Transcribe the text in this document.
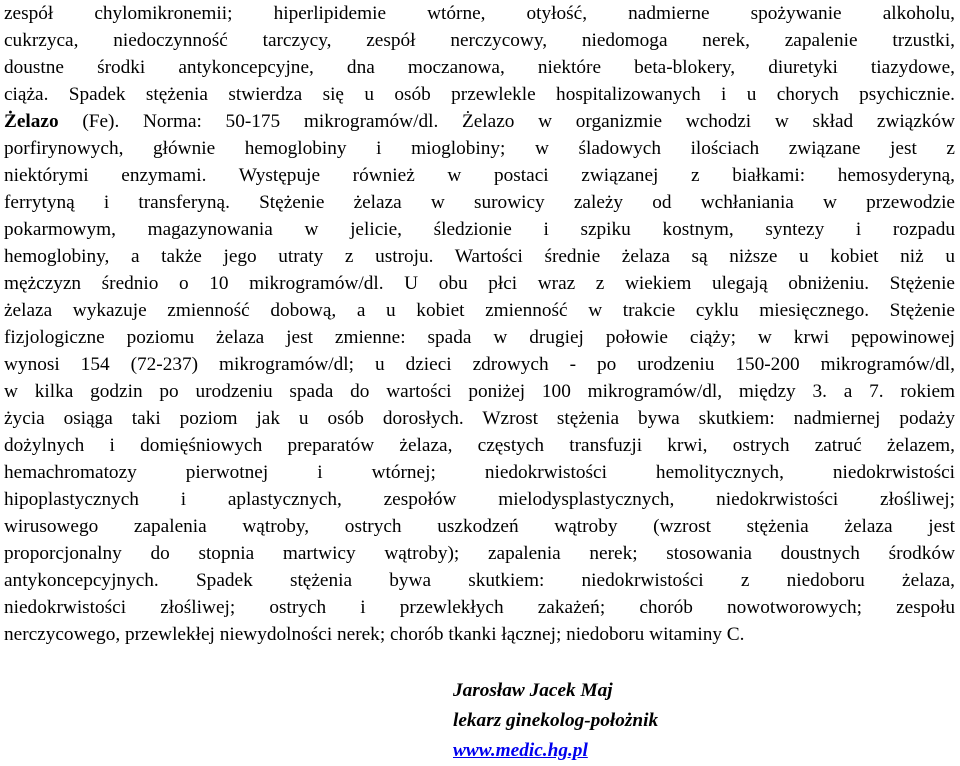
zespół chylomikronemii; hiperlipidemie wtórne, otyłość, nadmierne spożywanie alkoholu,
cukrzyca, niedoczynność tarczycy, zespół nerczycowy, niedomoga nerek, zapalenie trzustki,
doustne środki antykoncepcyjne, dna moczanowa, niektóre beta-blokery, diuretyki tiazydowe,
ciąża. Spadek stężenia stwierdza się u osób przewlekle hospitalizowanych i u chorych psychicznie.
Żelazo (Fe). Norma: 50-175 mikrogramów/dl. Żelazo w organizmie wchodzi w skład związków
porfirynowych, głównie hemoglobiny i mioglobiny; w śladowych ilościach związane jest z
niektórymi enzymami. Występuje również w postaci związanej z białkami: hemosyderyną,
ferrytyną i transferyną. Stężenie żelaza w surowicy zależy od wchłaniania w przewodzie
pokarmowym, magazynowania w jelicie, śledzionie i szpiku kostnym, syntezy i rozpadu
hemoglobiny, a także jego utraty z ustroju. Wartości średnie żelaza są niższe u kobiet niż u
mężczyzn średnio o 10 mikrogramów/dl. U obu płci wraz z wiekiem ulegają obniżeniu. Stężenie
żelaza wykazuje zmienność dobową, a u kobiet zmienność w trakcie cyklu miesięcznego. Stężenie
fizjologiczne poziomu żelaza jest zmienne: spada w drugiej połowie ciąży; w krwi pępowinowej
wynosi 154 (72-237) mikrogramów/dl; u dzieci zdrowych - po urodzeniu 150-200 mikrogramów/dl,
w kilka godzin po urodzeniu spada do wartości poniżej 100 mikrogramów/dl, między 3. a 7. rokiem
życia osiąga taki poziom jak u osób dorosłych. Wzrost stężenia bywa skutkiem: nadmiernej podaży
dożylnych i domięśniowych preparatów żelaza, częstych transfuzji krwi, ostrych zatruć żelazem,
hemachromatozy pierwotnej i wtórnej; niedokrwistości hemolitycznych, niedokrwistości
hipoplastycznych i aplastycznych, zespołów mielodysplastycznych, niedokrwistości złośliwej;
wirusowego zapalenia wątroby, ostrych uszkodzeń wątroby (wzrost stężenia żelaza jest
proporcjonalny do stopnia martwicy wątroby); zapalenia nerek; stosowania doustnych środków
antykoncepcyjnych. Spadek stężenia bywa skutkiem: niedokrwistości z niedoboru żelaza,
niedokrwistości złośliwej; ostrych i przewlekłych zakażeń; chorób nowotworowych; zespołu
nerczycowego, przewlekłej niewydolności nerek; chorób tkanki łącznej; niedoboru witaminy C.
Jarosław Jacek Maj
lekarz ginekolog-położnik
www.medic.hg.pl
